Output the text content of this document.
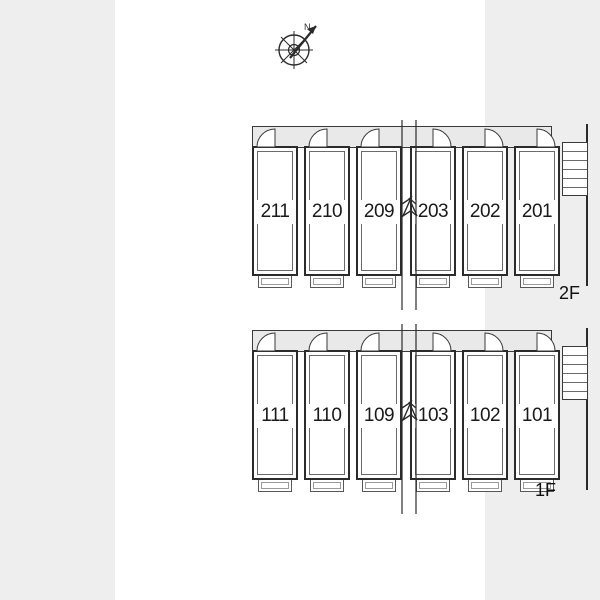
N
211	210	209	203	202	201
2F
111	110	109	103	102	101
1F
